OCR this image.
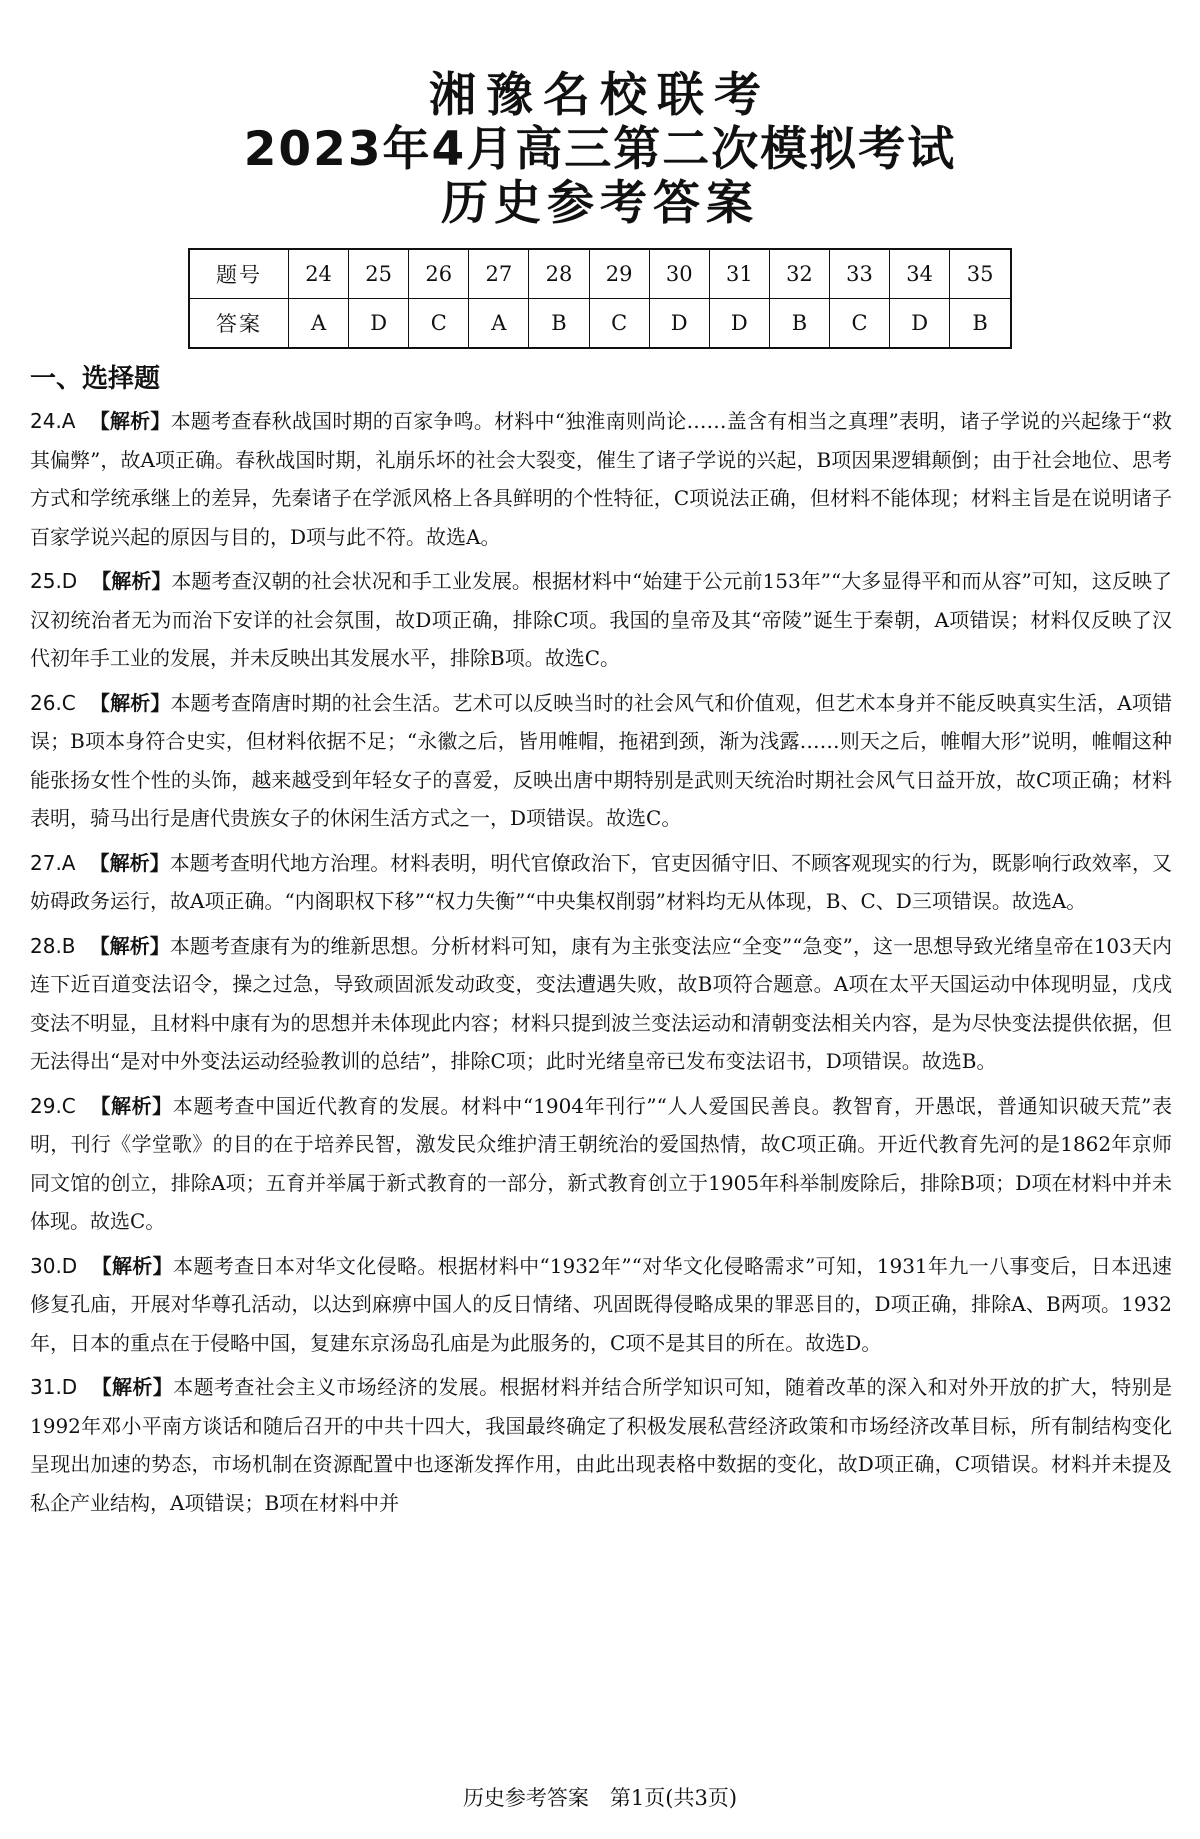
湘豫名校联考
2023年4月高三第二次模拟考试
历史参考答案
题号	24	25	26	27	28	29	30	31	32	33	34	35
答案	A	D	C	A	B	C	D	D	B	C	D	B
一、选择题

24.A 【解析】本题考查春秋战国时期的百家争鸣。材料中“独淮南则尚论……盖含有相当之真理”表明，诸子学说的兴起缘于“救其偏弊”，故A项正确。春秋战国时期，礼崩乐坏的社会大裂变，催生了诸子学说的兴起，B项因果逻辑颠倒；由于社会地位、思考方式和学统承继上的差异，先秦诸子在学派风格上各具鲜明的个性特征，C项说法正确，但材料不能体现；材料主旨是在说明诸子百家学说兴起的原因与目的，D项与此不符。故选A。

25.D 【解析】本题考查汉朝的社会状况和手工业发展。根据材料中“始建于公元前153年”“大多显得平和而从容”可知，这反映了汉初统治者无为而治下安详的社会氛围，故D项正确，排除C项。我国的皇帝及其“帝陵”诞生于秦朝，A项错误；材料仅反映了汉代初年手工业的发展，并未反映出其发展水平，排除B项。故选C。

26.C 【解析】本题考查隋唐时期的社会生活。艺术可以反映当时的社会风气和价值观，但艺术本身并不能反映真实生活，A项错误；B项本身符合史实，但材料依据不足；“永徽之后，皆用帷帽，拖裙到颈，渐为浅露……则天之后，帷帽大形”说明，帷帽这种能张扬女性个性的头饰，越来越受到年轻女子的喜爱，反映出唐中期特别是武则天统治时期社会风气日益开放，故C项正确；材料表明，骑马出行是唐代贵族女子的休闲生活方式之一，D项错误。故选C。

27.A 【解析】本题考查明代地方治理。材料表明，明代官僚政治下，官吏因循守旧、不顾客观现实的行为，既影响行政效率，又妨碍政务运行，故A项正确。“内阁职权下移”“权力失衡”“中央集权削弱”材料均无从体现，B、C、D三项错误。故选A。

28.B 【解析】本题考查康有为的维新思想。分析材料可知，康有为主张变法应“全变”“急变”，这一思想导致光绪皇帝在103天内连下近百道变法诏令，操之过急，导致顽固派发动政变，变法遭遇失败，故B项符合题意。A项在太平天国运动中体现明显，戊戌变法不明显，且材料中康有为的思想并未体现此内容；材料只提到波兰变法运动和清朝变法相关内容，是为尽快变法提供依据，但无法得出“是对中外变法运动经验教训的总结”，排除C项；此时光绪皇帝已发布变法诏书，D项错误。故选B。

29.C 【解析】本题考查中国近代教育的发展。材料中“1904年刊行”“人人爱国民善良。教智育，开愚氓，普通知识破天荒”表明，刊行《学堂歌》的目的在于培养民智，激发民众维护清王朝统治的爱国热情，故C项正确。开近代教育先河的是1862年京师同文馆的创立，排除A项；五育并举属于新式教育的一部分，新式教育创立于1905年科举制废除后，排除B项；D项在材料中并未体现。故选C。

30.D 【解析】本题考查日本对华文化侵略。根据材料中“1932年”“对华文化侵略需求”可知，1931年九一八事变后，日本迅速修复孔庙，开展对华尊孔活动，以达到麻痹中国人的反日情绪、巩固既得侵略成果的罪恶目的，D项正确，排除A、B两项。1932年，日本的重点在于侵略中国，复建东京汤岛孔庙是为此服务的，C项不是其目的所在。故选D。

31.D 【解析】本题考查社会主义市场经济的发展。根据材料并结合所学知识可知，随着改革的深入和对外开放的扩大，特别是1992年邓小平南方谈话和随后召开的中共十四大，我国最终确定了积极发展私营经济政策和市场经济改革目标，所有制结构变化呈现出加速的势态，市场机制在资源配置中也逐渐发挥作用，由此出现表格中数据的变化，故D项正确，C项错误。材料并未提及私企产业结构，A项错误；B项在材料中并

历史参考答案　第1页(共3页)
